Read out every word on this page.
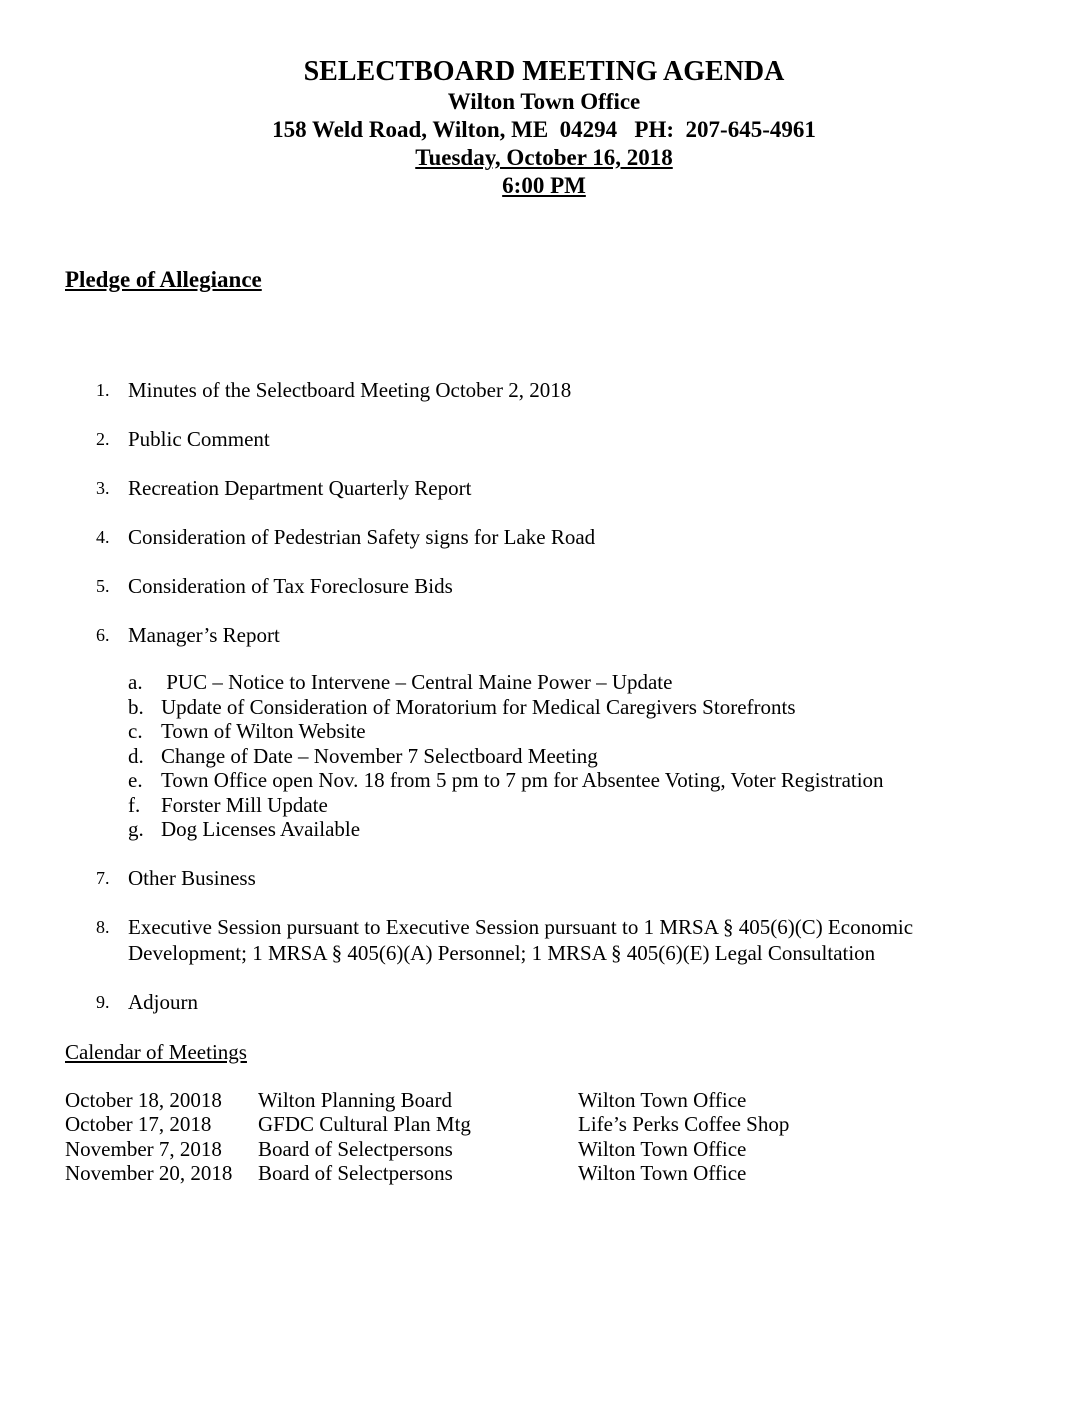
SELECTBOARD MEETING AGENDA
Wilton Town Office
158 Weld Road, Wilton, ME  04294   PH:  207-645-4961
Tuesday, October 16, 2018
6:00 PM
Pledge of Allegiance
1. Minutes of the Selectboard Meeting October 2, 2018
2. Public Comment
3. Recreation Department Quarterly Report
4. Consideration of Pedestrian Safety signs for Lake Road
5. Consideration of Tax Foreclosure Bids
6. Manager’s Report
a. PUC – Notice to Intervene – Central Maine Power – Update
b. Update of Consideration of Moratorium for Medical Caregivers Storefronts
c. Town of Wilton Website
d. Change of Date – November 7 Selectboard Meeting
e. Town Office open Nov. 18 from 5 pm to 7 pm for Absentee Voting, Voter Registration
f. Forster Mill Update
g. Dog Licenses Available
7. Other Business
8. Executive Session pursuant to Executive Session pursuant to 1 MRSA § 405(6)(C) Economic Development; 1 MRSA § 405(6)(A) Personnel; 1 MRSA § 405(6)(E) Legal Consultation
9. Adjourn
Calendar of Meetings
October 18, 20018	Wilton Planning Board	Wilton Town Office
October 17, 2018	GFDC Cultural Plan Mtg	Life’s Perks Coffee Shop
November 7, 2018	Board of Selectpersons	Wilton Town Office
November 20, 2018	Board of Selectpersons	Wilton Town Office
